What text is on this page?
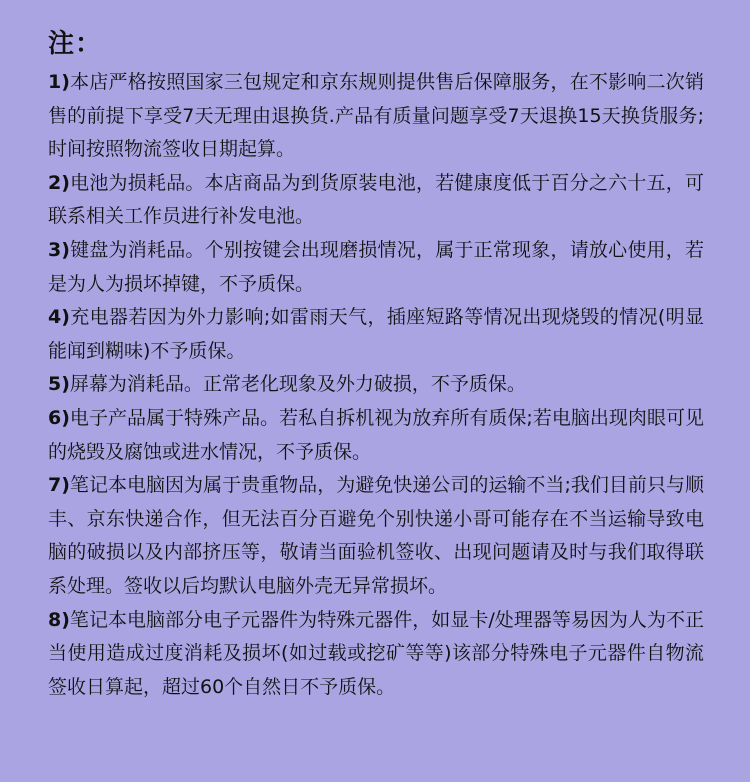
注：

1)本店严格按照国家三包规定和京东规则提供售后保障服务，在不影响二次销售的前提下享受7天无理由退换货.产品有质量问题享受7天退换15天换货服务;时间按照物流签收日期起算。

2)电池为损耗品。本店商品为到货原装电池，若健康度低于百分之六十五，可联系相关工作员进行补发电池。

3)键盘为消耗品。个别按键会出现磨损情况，属于正常现象，请放心使用，若是为人为损坏掉键，不予质保。

4)充电器若因为外力影响;如雷雨天气，插座短路等情况出现烧毁的情况(明显能闻到糊味)不予质保。

5)屏幕为消耗品。正常老化现象及外力破损，不予质保。

6)电子产品属于特殊产品。若私自拆机视为放弃所有质保;若电脑出现肉眼可见的烧毁及腐蚀或进水情况，不予质保。

7)笔记本电脑因为属于贵重物品，为避免快递公司的运输不当;我们目前只与顺丰、京东快递合作，但无法百分百避免个别快递小哥可能存在不当运输导致电脑的破损以及内部挤压等，敬请当面验机签收、出现问题请及时与我们取得联系处理。签收以后均默认电脑外壳无异常损坏。

8)笔记本电脑部分电子元器件为特殊元器件，如显卡/处理器等易因为人为不正当使用造成过度消耗及损坏(如过载或挖矿等等)该部分特殊电子元器件自物流签收日算起，超过60个自然日不予质保。
